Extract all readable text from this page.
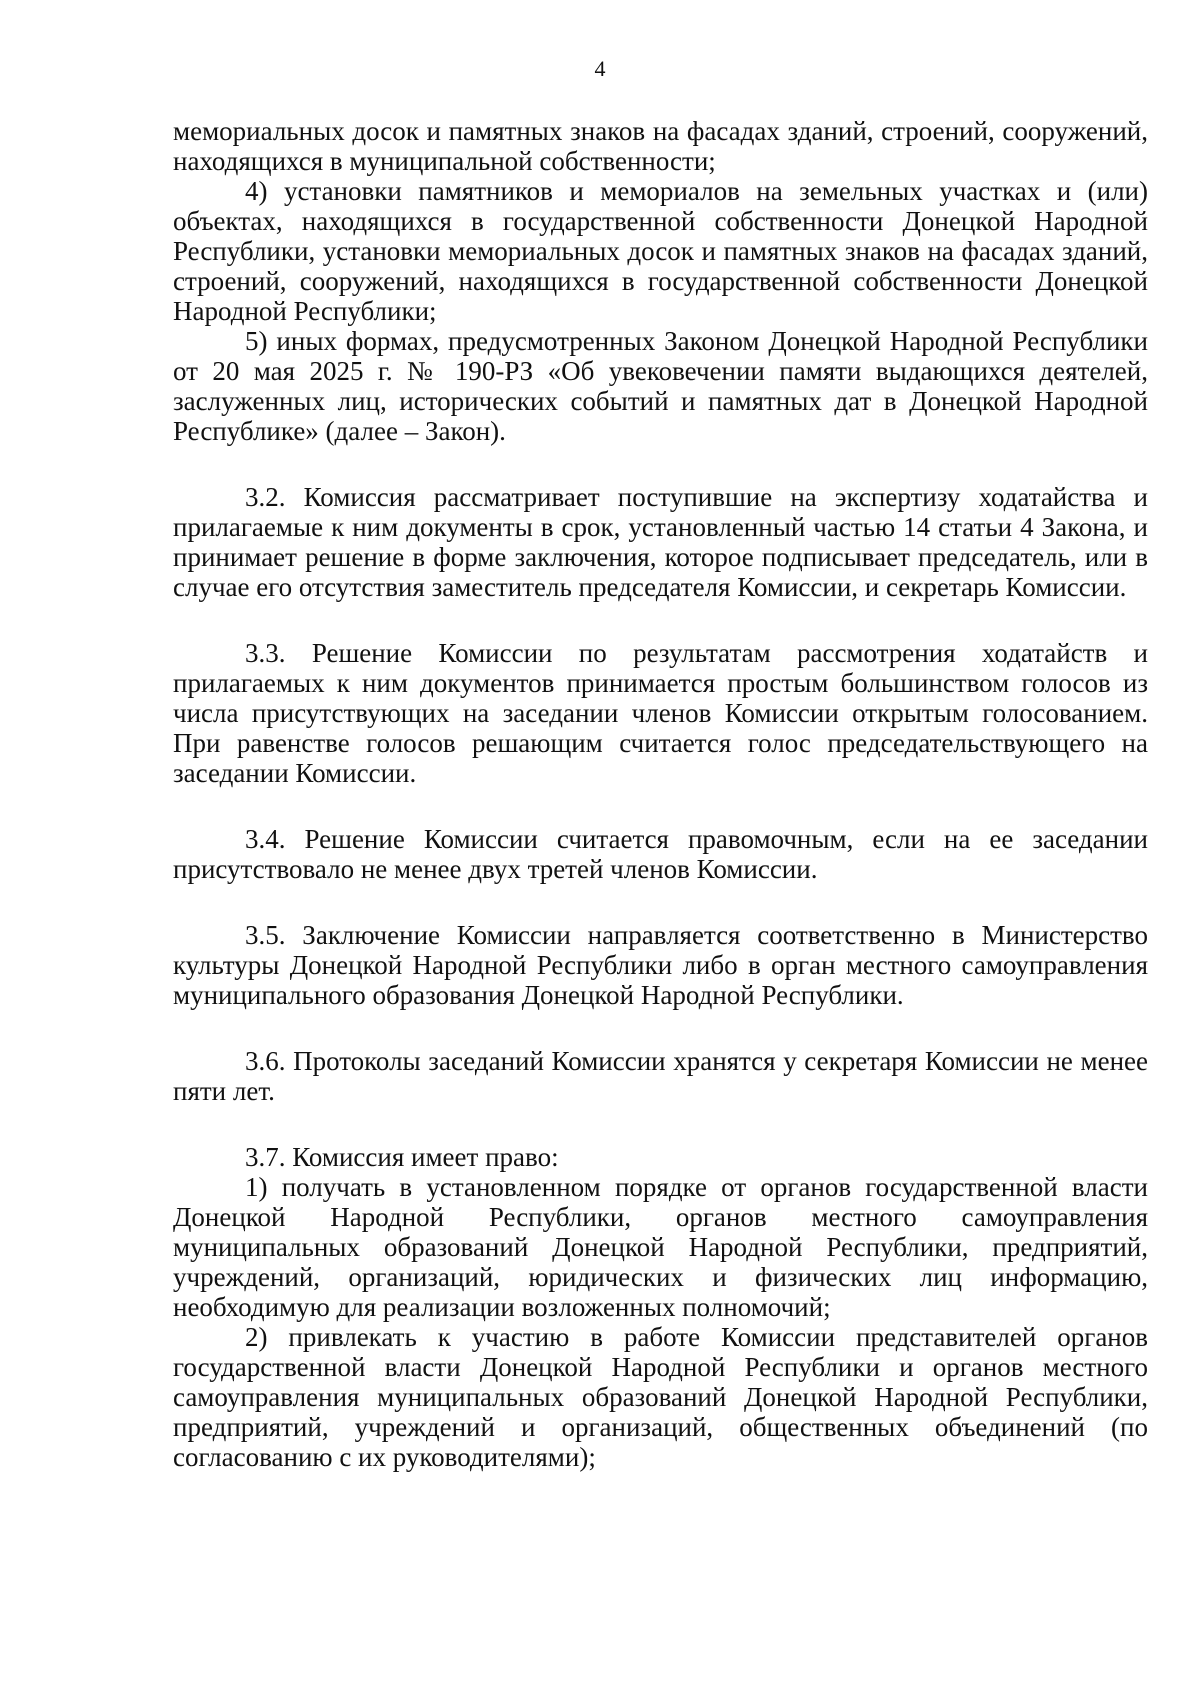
4

мемориальных досок и памятных знаков на фасадах зданий, строений, сооружений, находящихся в муниципальной собственности;

4) установки памятников и мемориалов на земельных участках и (или) объектах, находящихся в государственной собственности Донецкой Народной Республики, установки мемориальных досок и памятных знаков на фасадах зданий, строений, сооружений, находящихся в государственной собственности Донецкой Народной Республики;

5) иных формах, предусмотренных Законом Донецкой Народной Республики от 20 мая 2025 г. № 190-РЗ «Об увековечении памяти выдающихся деятелей, заслуженных лиц, исторических событий и памятных дат в Донецкой Народной Республике» (далее – Закон).

3.2. Комиссия рассматривает поступившие на экспертизу ходатайства и прилагаемые к ним документы в срок, установленный частью 14 статьи 4 Закона, и принимает решение в форме заключения, которое подписывает председатель, или в случае его отсутствия заместитель председателя Комиссии, и секретарь Комиссии.

3.3. Решение Комиссии по результатам рассмотрения ходатайств и прилагаемых к ним документов принимается простым большинством голосов из числа присутствующих на заседании членов Комиссии открытым голосованием. При равенстве голосов решающим считается голос председательствующего на заседании Комиссии.

3.4. Решение Комиссии считается правомочным, если на ее заседании присутствовало не менее двух третей членов Комиссии.

3.5. Заключение Комиссии направляется соответственно в Министерство культуры Донецкой Народной Республики либо в орган местного самоуправления муниципального образования Донецкой Народной Республики.

3.6. Протоколы заседаний Комиссии хранятся у секретаря Комиссии не менее пяти лет.

3.7. Комиссия имеет право:

1) получать в установленном порядке от органов государственной власти Донецкой Народной Республики, органов местного самоуправления муниципальных образований Донецкой Народной Республики, предприятий, учреждений, организаций, юридических и физических лиц информацию, необходимую для реализации возложенных полномочий;

2) привлекать к участию в работе Комиссии представителей органов государственной власти Донецкой Народной Республики и органов местного самоуправления муниципальных образований Донецкой Народной Республики, предприятий, учреждений и организаций, общественных объединений (по согласованию с их руководителями);
